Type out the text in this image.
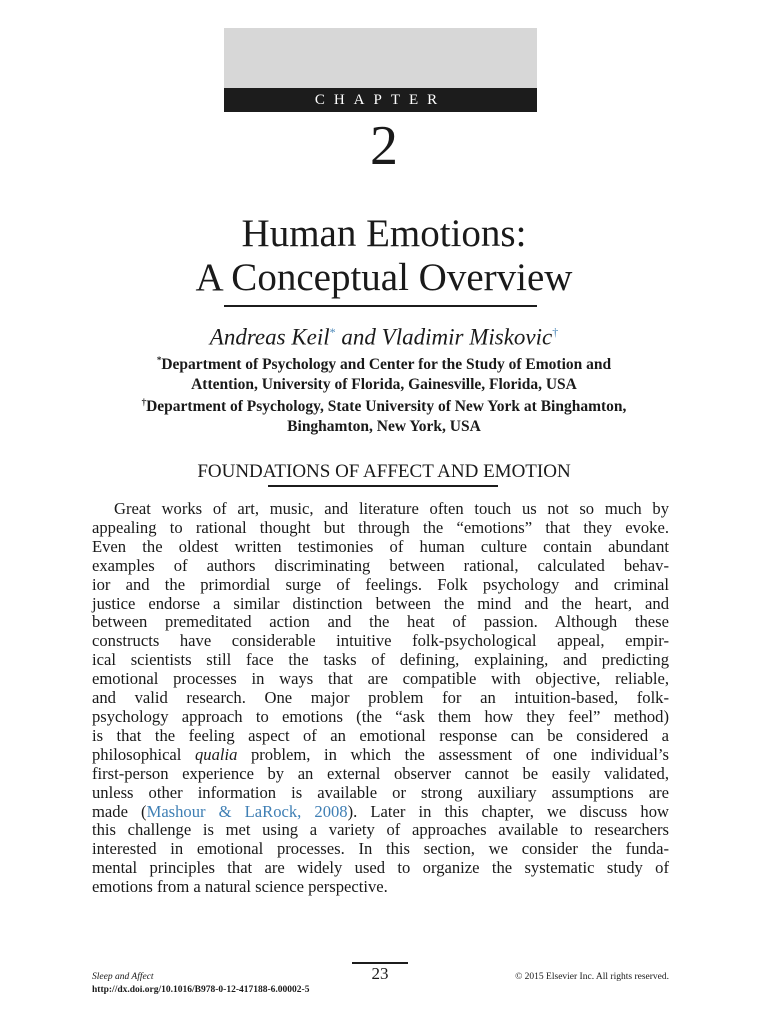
CHAPTER
2
Human Emotions:
A Conceptual Overview
Andreas Keil* and Vladimir Miskovic†
*Department of Psychology and Center for the Study of Emotion and
Attention, University of Florida, Gainesville, Florida, USA
†Department of Psychology, State University of New York at Binghamton,
Binghamton, New York, USA
FOUNDATIONS OF AFFECT AND EMOTION
Great works of art, music, and literature often touch us not so much by
appealing to rational thought but through the “emotions” that they evoke.
Even the oldest written testimonies of human culture contain abundant
examples of authors discriminating between rational, calculated behav-
ior and the primordial surge of feelings. Folk psychology and criminal
justice endorse a similar distinction between the mind and the heart, and
between premeditated action and the heat of passion. Although these
constructs have considerable intuitive folk-psychological appeal, empir-
ical scientists still face the tasks of defining, explaining, and predicting
emotional processes in ways that are compatible with objective, reliable,
and valid research. One major problem for an intuition-based, folk-
psychology approach to emotions (the “ask them how they feel” method)
is that the feeling aspect of an emotional response can be considered a
philosophical qualia problem, in which the assessment of one individual’s
first-person experience by an external observer cannot be easily validated,
unless other information is available or strong auxiliary assumptions are
made (Mashour & LaRock, 2008). Later in this chapter, we discuss how
this challenge is met using a variety of approaches available to researchers
interested in emotional processes. In this section, we consider the funda-
mental principles that are widely used to organize the systematic study of
emotions from a natural science perspective.
23
Sleep and Affect
http://dx.doi.org/10.1016/B978-0-12-417188-6.00002-5
© 2015 Elsevier Inc. All rights reserved.
